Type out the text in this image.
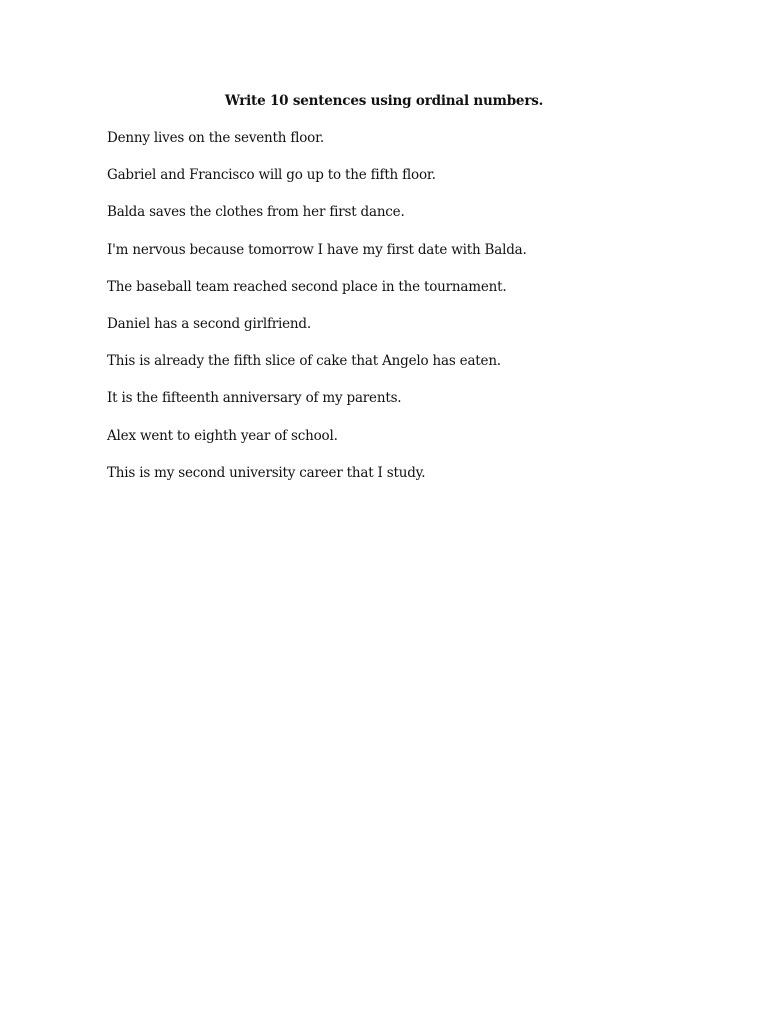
Write 10 sentences using ordinal numbers.
Denny lives on the seventh floor.
Gabriel and Francisco will go up to the fifth floor.
Balda saves the clothes from her first dance.
I'm nervous because tomorrow I have my first date with Balda.
The baseball team reached second place in the tournament.
Daniel has a second girlfriend.
This is already the fifth slice of cake that Angelo has eaten.
It is the fifteenth anniversary of my parents.
Alex went to eighth year of school.
This is my second university career that I study.
